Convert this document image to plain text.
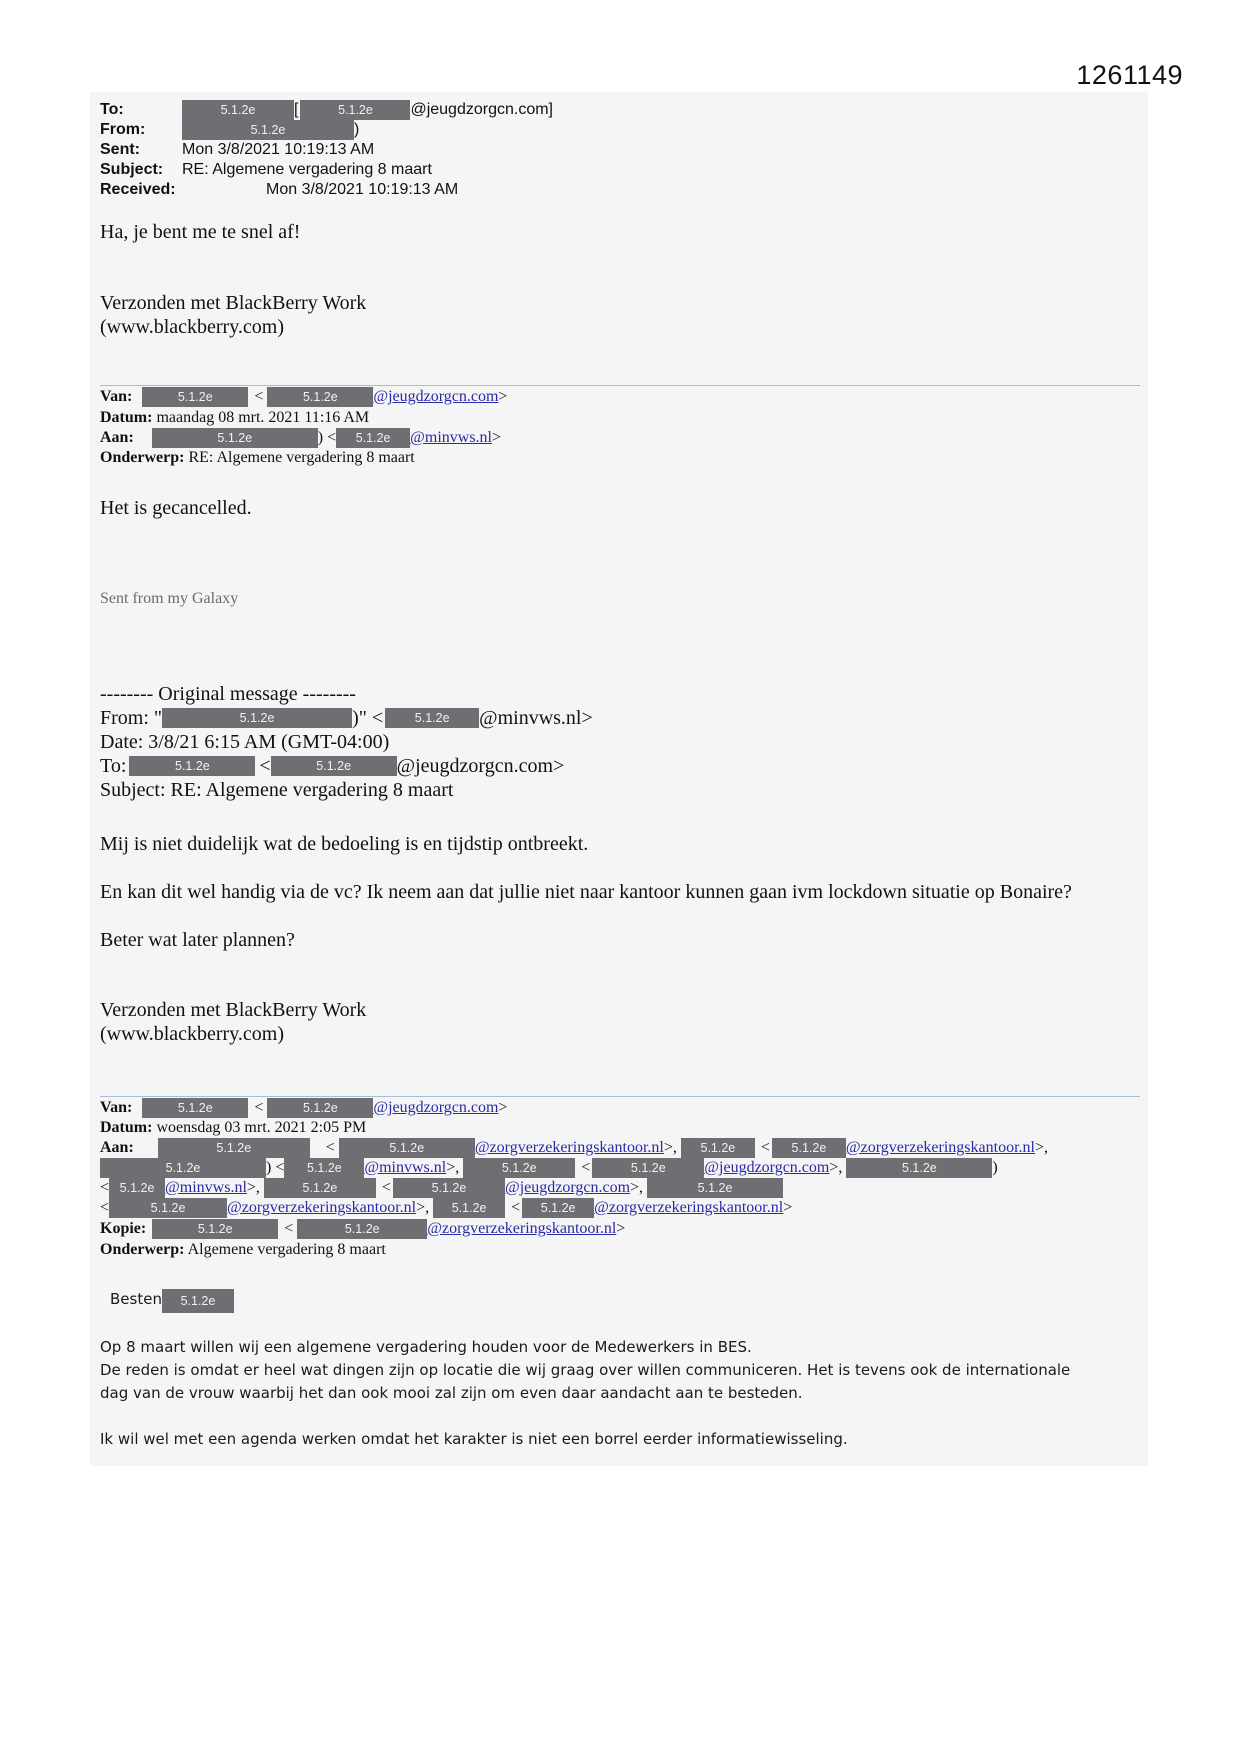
1261149
To:	5.1.2e [	5.1.2e @jeugdzorgcn.com]
From:	5.1.2e	)
Sent:	Mon 3/8/2021 10:19:13 AM
Subject: RE: Algemene vergadering 8 maart
Received:	Mon 3/8/2021 10:19:13 AM
Ha, je bent me te snel af!
Verzonden met BlackBerry Work
(www.blackberry.com)
Van:	5.1.2e	<	5.1.2e @jeugdzorgcn.com>
Datum: maandag 08 mrt. 2021 11:16 AM
Aan:	5.1.2e	) < 5.1.2e @minvws.nl>
Onderwerp: RE: Algemene vergadering 8 maart
Het is gecancelled.
Sent from my Galaxy
-------- Original message --------
From: "	5.1.2e	)" <	5.1.2e @minvws.nl>
Date: 3/8/21 6:15 AM (GMT-04:00)
To:	5.1.2e <	5.1.2e @jeugdzorgcn.com>
Subject: RE: Algemene vergadering 8 maart
Mij is niet duidelijk wat de bedoeling is en tijdstip ontbreekt.
En kan dit wel handig via de vc? Ik neem aan dat jullie niet naar kantoor kunnen gaan ivm lockdown situatie op Bonaire?
Beter wat later plannen?
Verzonden met BlackBerry Work
(www.blackberry.com)
Van:	5.1.2e	<	5.1.2e @jeugdzorgcn.com>
Datum: woensdag 03 mrt. 2021 2:05 PM
Aan:	5.1.2e	<	5.1.2e	@zorgverzekeringskantoor.nl>, 5.1.2e < 5.1.2e @zorgverzekeringskantoor.nl>,
5.1.2e	) < 5.1.2e @minvws.nl>,	5.1.2e	<	5.1.2e @jeugdzorgcn.com>,	5.1.2e	)
< 5.1.2e @minvws.nl>,	5.1.2e	<	5.1.2e @jeugdzorgcn.com>,	5.1.2e
<	5.1.2e	@zorgverzekeringskantoor.nl>, 5.1.2e < 5.1.2e @zorgverzekeringskantoor.nl>
Kopie:	5.1.2e	<	5.1.2e	@zorgverzekeringskantoor.nl>
Onderwerp: Algemene vergadering 8 maart
Besten 5.1.2e
Op 8 maart willen wij een algemene vergadering houden voor de Medewerkers in BES.
De reden is omdat er heel wat dingen zijn op locatie die wij graag over willen communiceren. Het is tevens ook de internationale
dag van de vrouw waarbij het dan ook mooi zal zijn om even daar aandacht aan te besteden.
Ik wil wel met een agenda werken omdat het karakter is niet een borrel eerder informatiewisseling.
